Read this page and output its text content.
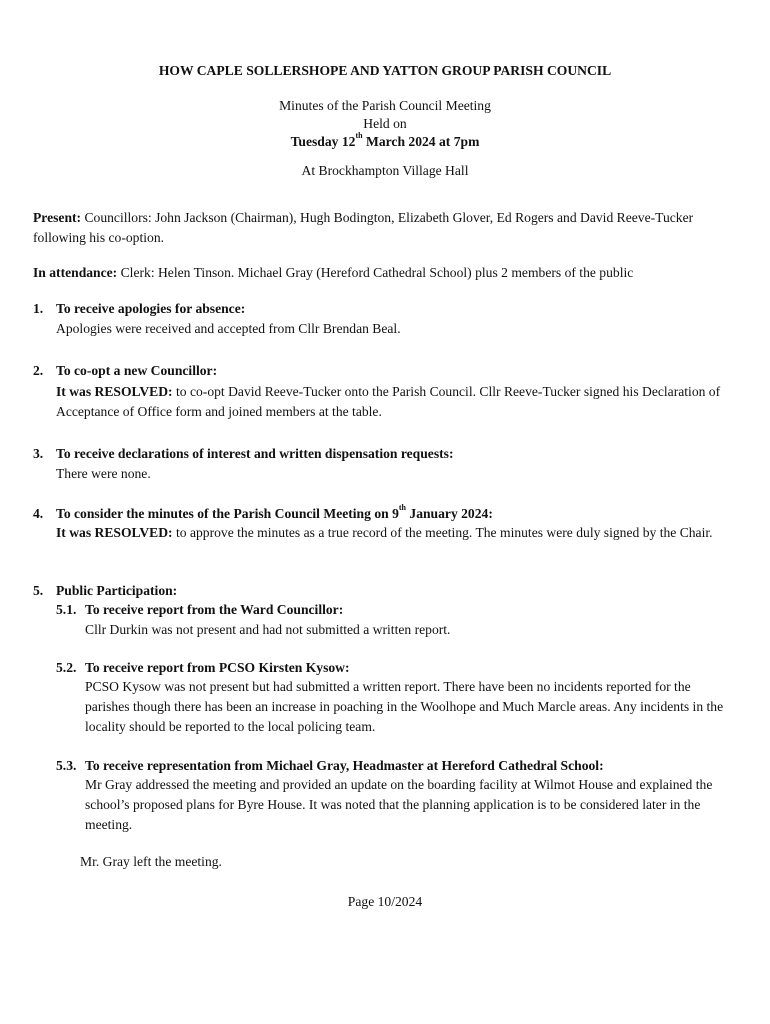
HOW CAPLE SOLLERSHOPE AND YATTON GROUP PARISH COUNCIL
Minutes of the Parish Council Meeting
Held on
Tuesday 12th March 2024 at 7pm
At Brockhampton Village Hall
Present: Councillors: John Jackson (Chairman), Hugh Bodington, Elizabeth Glover, Ed Rogers and David Reeve-Tucker following his co-option.
In attendance: Clerk: Helen Tinson. Michael Gray (Hereford Cathedral School) plus 2 members of the public
1. To receive apologies for absence:
Apologies were received and accepted from Cllr Brendan Beal.
2. To co-opt a new Councillor:
It was RESOLVED: to co-opt David Reeve-Tucker onto the Parish Council. Cllr Reeve-Tucker signed his Declaration of Acceptance of Office form and joined members at the table.
3. To receive declarations of interest and written dispensation requests:
There were none.
4. To consider the minutes of the Parish Council Meeting on 9th January 2024:
It was RESOLVED: to approve the minutes as a true record of the meeting. The minutes were duly signed by the Chair.
5. Public Participation:
5.1. To receive report from the Ward Councillor:
Cllr Durkin was not present and had not submitted a written report.
5.2. To receive report from PCSO Kirsten Kysow:
PCSO Kysow was not present but had submitted a written report. There have been no incidents reported for the parishes though there has been an increase in poaching in the Woolhope and Much Marcle areas. Any incidents in the locality should be reported to the local policing team.
5.3. To receive representation from Michael Gray, Headmaster at Hereford Cathedral School:
Mr Gray addressed the meeting and provided an update on the boarding facility at Wilmot House and explained the school’s proposed plans for Byre House. It was noted that the planning application is to be considered later in the meeting.
Mr. Gray left the meeting.
Page 10/2024
